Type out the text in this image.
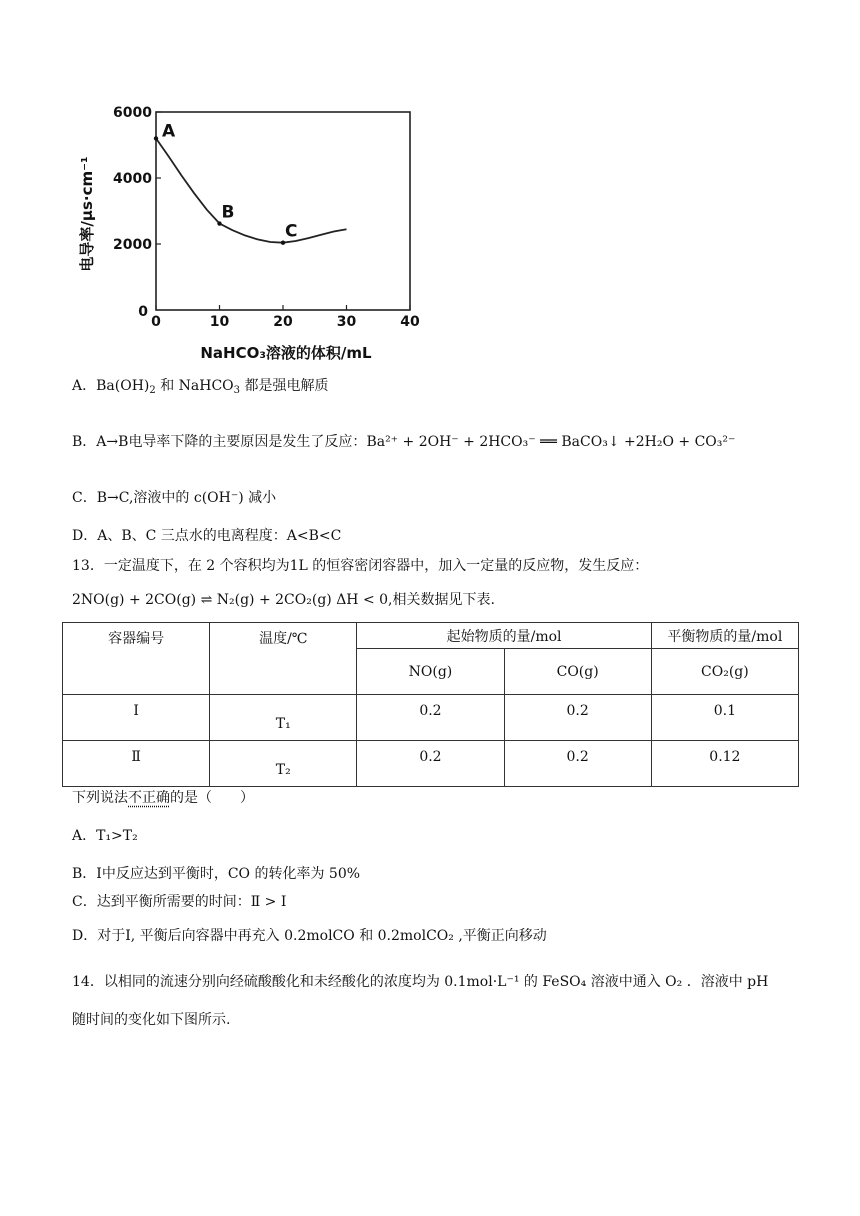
0	10	20	30	40
0
2000
4000
6000
A
B
C
电导率/μs·cm⁻¹
NaHCO₃溶液的体积/mL
A．$Ba(OH)_2$ 和 NaHCO$_3$ 都是强电解质
B．A→B电导率下降的主要原因是发生了反应：Ba²⁺ + 2OH⁻ + 2HCO₃⁻ ══ BaCO₃↓ +2H₂O + CO₃²⁻
C．B→C,溶液中的 c(OH⁻) 减小
D．A、B、C 三点水的电离程度：A<B<C
13．一定温度下，在 2 个容积均为1L 的恒容密闭容器中，加入一定量的反应物，发生反应：
2NO(g) + 2CO(g) ⇌ N₂(g) + 2CO₂(g) ΔH < 0,相关数据见下表.
容器编号	温度/℃	起始物质的量/mol		平衡物质的量/mol
		NO(g)	CO(g)	CO₂(g)
Ⅰ	T₁	0.2	0.2	0.1
Ⅱ	T₂	0.2	0.2	0.12
下列说法不正确的是（　　）
A．T₁>T₂
B．Ⅰ中反应达到平衡时，CO 的转化率为 50%
C．达到平衡所需要的时间：Ⅱ > Ⅰ
D．对于Ⅰ, 平衡后向容器中再充入 0.2molCO 和 0.2molCO₂ ,平衡正向移动
14．以相同的流速分别向经硫酸酸化和未经酸化的浓度均为 0.1mol·L⁻¹ 的 FeSO₄ 溶液中通入 O₂ ．溶液中 pH
随时间的变化如下图所示.
